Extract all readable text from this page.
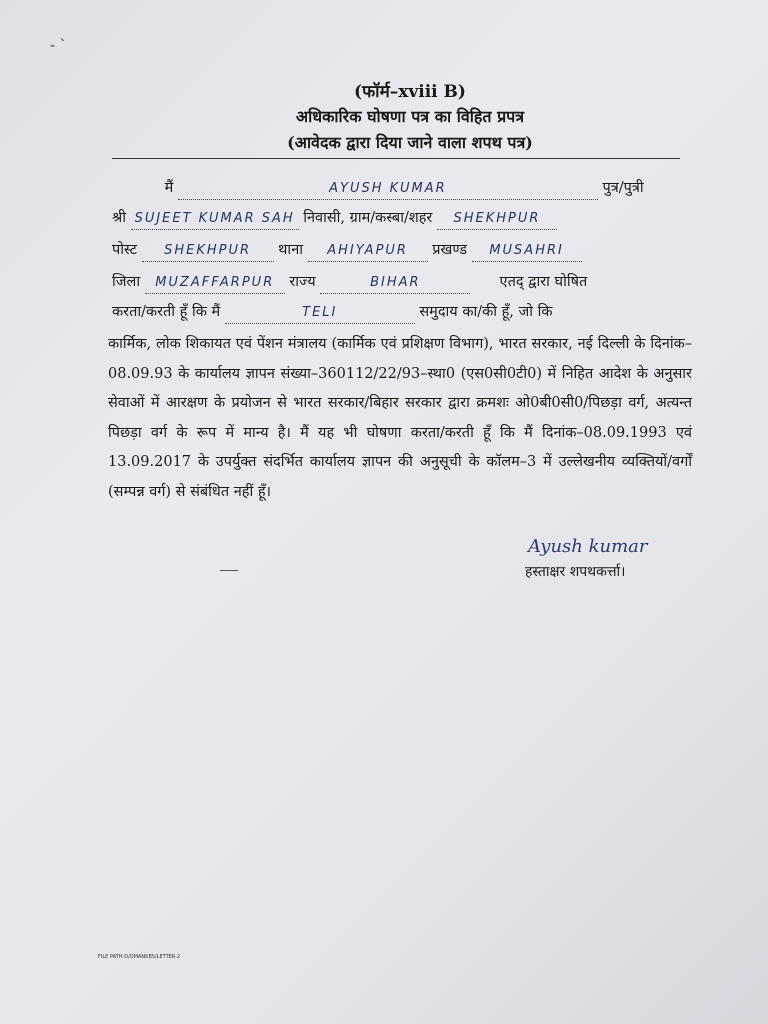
- `
(फॉर्म–xviii B)
अधिकारिक घोषणा पत्र का विहित प्रपत्र
(आवेदक द्वारा दिया जाने वाला शपथ पत्र)
मैं	AYUSH KUMAR	पुत्र/पुत्री
श्री SUJEET KUMAR SAH निवासी, ग्राम/कस्बा/शहर SHEKHPUR
पोस्ट SHEKHPUR थाना AHIYAPUR प्रखण्ड MUSAHRI
जिला MUZAFFARPUR राज्य	BIHAR	एतद् द्वारा घोषित
करता/करती हूँ कि मैं	TELI	समुदाय का/की हूँ, जो कि
कार्मिक, लोक शिकायत एवं पेंशन मंत्रालय (कार्मिक एवं प्रशिक्षण विभाग), भारत सरकार, नई दिल्ली के दिनांक–08.09.93 के कार्यालय ज्ञापन संख्या–360112/22/93–स्था0 (एस0सी0टी0) में निहित आदेश के अनुसार सेवाओं में आरक्षण के प्रयोजन से भारत सरकार/बिहार सरकार द्वारा क्रमशः ओ0बी0सी0/पिछड़ा वर्ग, अत्यन्त पिछड़ा वर्ग के रूप में मान्य है। मैं यह भी घोषणा करता/करती हूँ कि मैं दिनांक–08.09.1993 एवं 13.09.2017 के उपर्युक्त संदर्भित कार्यालय ज्ञापन की अनुसूची के कॉलम–3 में उल्लेखनीय व्यक्तियों/वर्गों (सम्पन्न वर्ग) से संबंधित नहीं हूँ।
Ayush kumar
हस्ताक्षर शपथकर्त्ता।
FILE PATH-D/OMANKBS/LETTER-2
